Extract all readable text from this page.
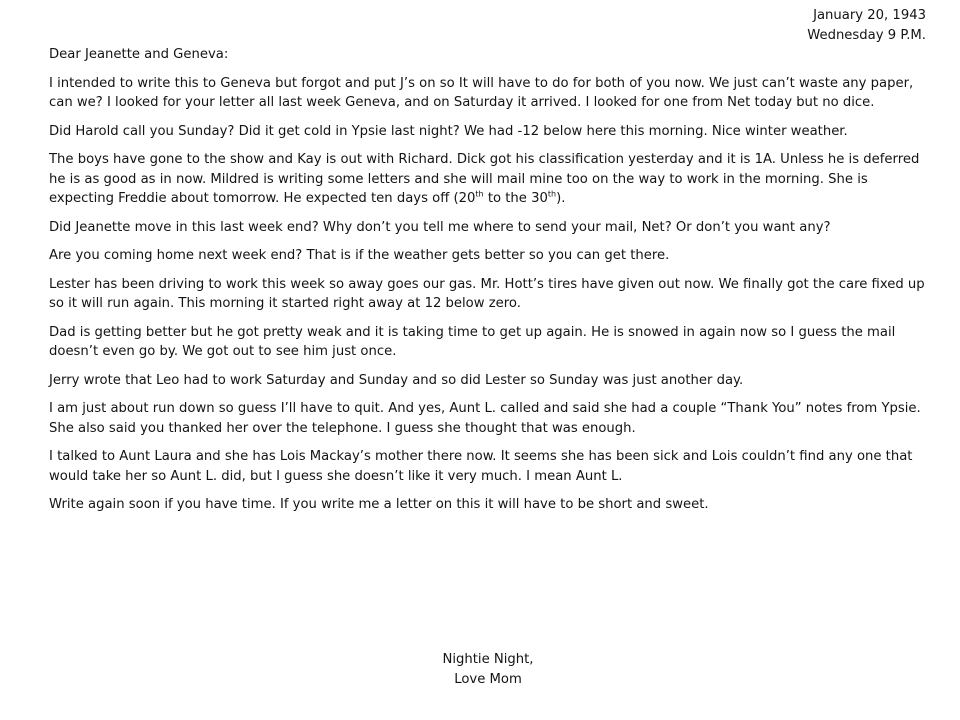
January 20, 1943
Wednesday 9 P.M.

Dear Jeanette and Geneva:

I intended to write this to Geneva but forgot and put J’s on so It will have to do for both of you now. We just can’t waste any paper, can we? I looked for your letter all last week Geneva, and on Saturday it arrived. I looked for one from Net today but no dice.

Did Harold call you Sunday? Did it get cold in Ypsie last night? We had -12 below here this morning. Nice winter weather.

The boys have gone to the show and Kay is out with Richard. Dick got his classification yesterday and it is 1A. Unless he is deferred he is as good as in now. Mildred is writing some letters and she will mail mine too on the way to work in the morning. She is expecting Freddie about tomorrow. He expected ten days off (20th to the 30th).

Did Jeanette move in this last week end? Why don’t you tell me where to send your mail, Net? Or don’t you want any?

Are you coming home next week end? That is if the weather gets better so you can get there.

Lester has been driving to work this week so away goes our gas. Mr. Hott’s tires have given out now. We finally got the care fixed up so it will run again. This morning it started right away at 12 below zero.

Dad is getting better but he got pretty weak and it is taking time to get up again. He is snowed in again now so I guess the mail doesn’t even go by. We got out to see him just once.

Jerry wrote that Leo had to work Saturday and Sunday and so did Lester so Sunday was just another day.

I am just about run down so guess I’ll have to quit. And yes, Aunt L. called and said she had a couple “Thank You” notes from Ypsie. She also said you thanked her over the telephone. I guess she thought that was enough.

I talked to Aunt Laura and she has Lois Mackay’s mother there now. It seems she has been sick and Lois couldn’t find any one that would take her so Aunt L. did, but I guess she doesn’t like it very much. I mean Aunt L.

Write again soon if you have time. If you write me a letter on this it will have to be short and sweet.

Nightie Night,
Love Mom
